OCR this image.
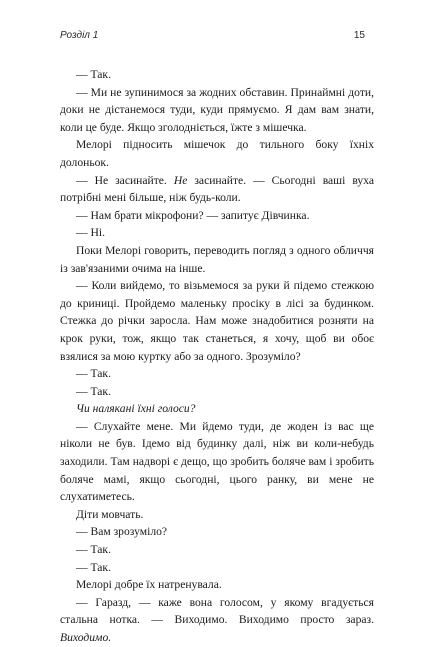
Розділ 1	15

— Так.

— Ми не зупинимося за жодних обставин. Принаймні доти, доки не дістанемося туди, куди прямуємо. Я дам вам знати, коли це буде. Якщо зголодніється, їжте з мішечка.

Мелорі підносить мішечок до тильного боку їхніх долоньок.

— Не засинайте. Не засинайте. — Сьогодні ваші вуха потрібні мені більше, ніж будь-коли.

— Нам брати мікрофони? — запитує Дівчинка.

— Ні.

Поки Мелорі говорить, переводить погляд з одного обличчя із зав'язаними очима на інше.

— Коли вийдемо, то візьмемося за руки й підемо стежкою до криниці. Пройдемо маленьку просіку в лісі за будинком. Стежка до річки заросла. Нам може знадобитися розняти на крок руки, тож, якщо так станеться, я хочу, щоб ви обоє взялися за мою куртку або за одного. Зрозуміло?

— Так.

— Так.

Чи налякані їхні голоси?

— Слухайте мене. Ми йдемо туди, де жоден із вас ще ніколи не був. Ідемо від будинку далі, ніж ви коли-небудь заходили. Там надворі є дещо, що зробить боляче вам і зробить боляче мамі, якщо сьогодні, цього ранку, ви мене не слухатиметесь.

Діти мовчать.

— Вам зрозуміло?

— Так.

— Так.

Мелорі добре їх натренувала.

— Гаразд, — каже вона голосом, у якому вгадується стальна нотка. — Виходимо. Виходимо просто зараз. Виходимо.
